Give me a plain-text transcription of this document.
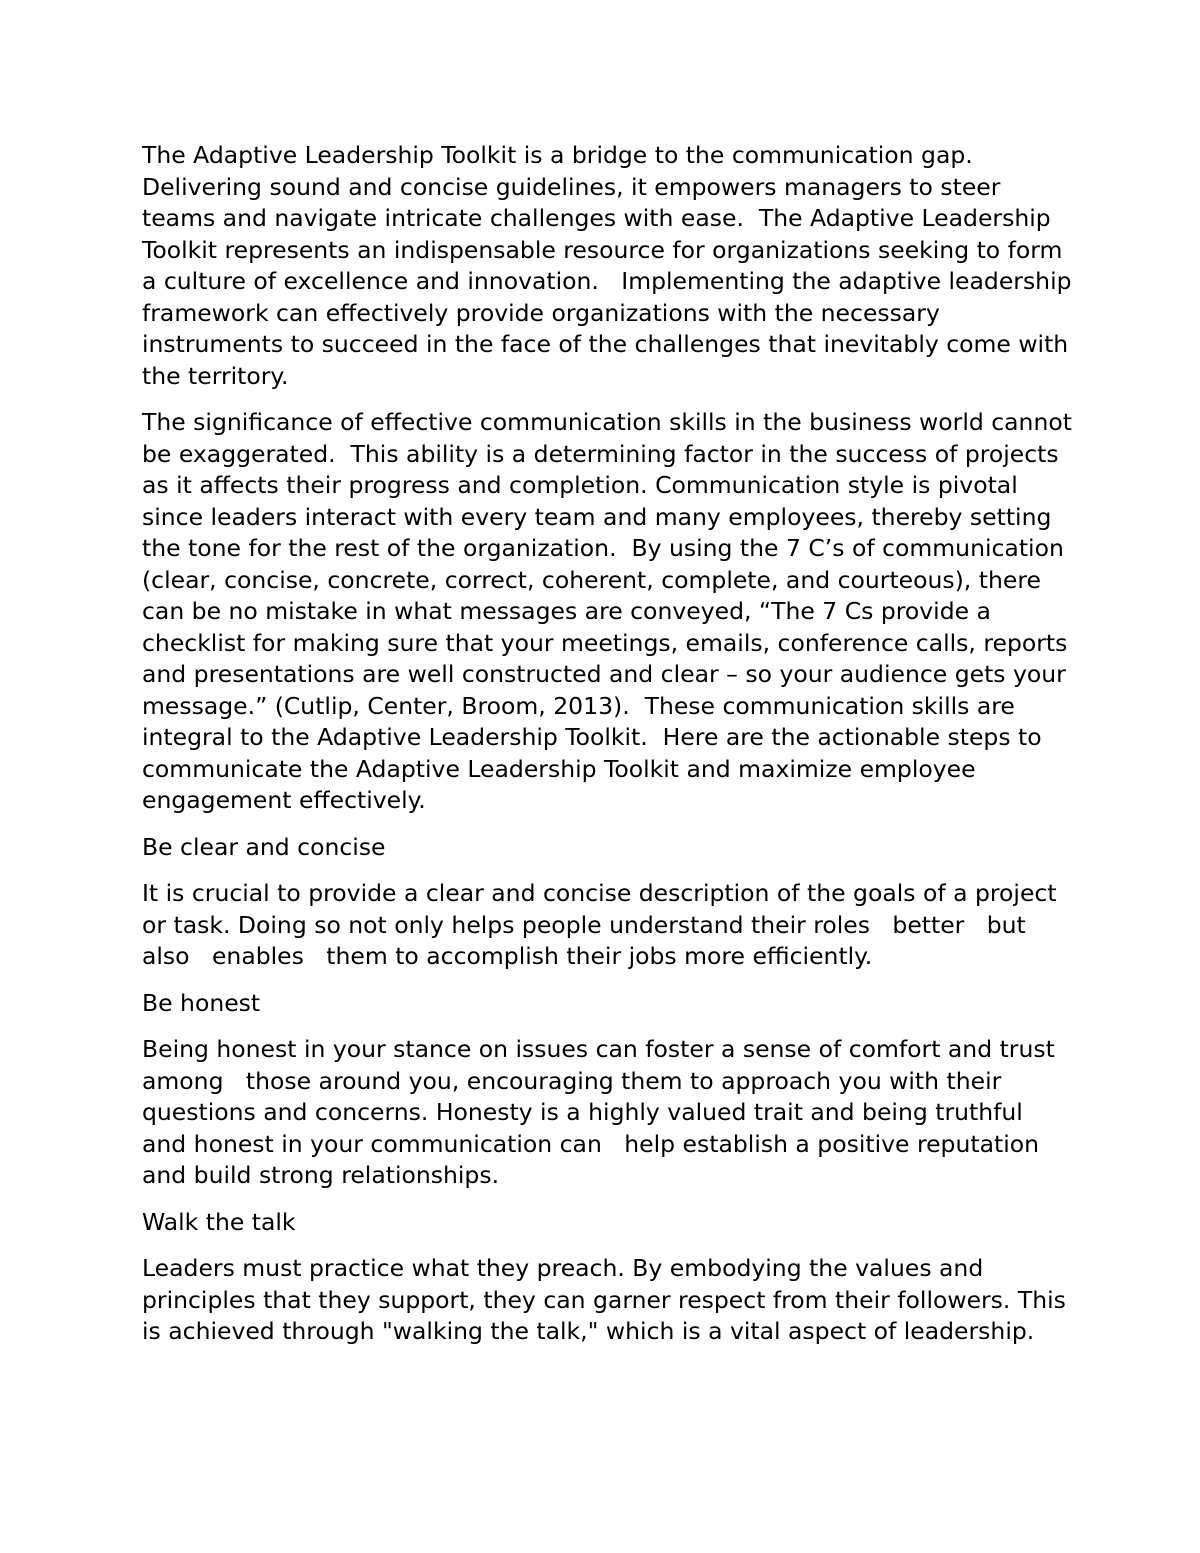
The Adaptive Leadership Toolkit is a bridge to the communication gap. Delivering sound and concise guidelines, it empowers managers to steer teams and navigate intricate challenges with ease.  The Adaptive Leadership Toolkit represents an indispensable resource for organizations seeking to form a culture of excellence and innovation.   Implementing the adaptive leadership framework can effectively provide organizations with the necessary instruments to succeed in the face of the challenges that inevitably come with the territory.

The significance of effective communication skills in the business world cannot be exaggerated.  This ability is a determining factor in the success of projects as it affects their progress and completion. Communication style is pivotal since leaders interact with every team and many employees, thereby setting the tone for the rest of the organization.  By using the 7 C’s of communication (clear, concise, concrete, correct, coherent, complete, and courteous), there can be no mistake in what messages are conveyed, “The 7 Cs provide a checklist for making sure that your meetings, emails, conference calls, reports and presentations are well constructed and clear – so your audience gets your message.” (Cutlip, Center, Broom, 2013).  These communication skills are integral to the Adaptive Leadership Toolkit.  Here are the actionable steps to communicate the Adaptive Leadership Toolkit and maximize employee engagement effectively.

Be clear and concise

It is crucial to provide a clear and concise description of the goals of a project or task. Doing so not only helps people understand their roles   better   but also   enables   them to accomplish their jobs more efficiently.

Be honest

Being honest in your stance on issues can foster a sense of comfort and trust among   those around you, encouraging them to approach you with their questions and concerns. Honesty is a highly valued trait and being truthful and honest in your communication can   help establish a positive reputation and build strong relationships.

Walk the talk

Leaders must practice what they preach. By embodying the values and principles that they support, they can garner respect from their followers. This is achieved through "walking the talk," which is a vital aspect of leadership.
